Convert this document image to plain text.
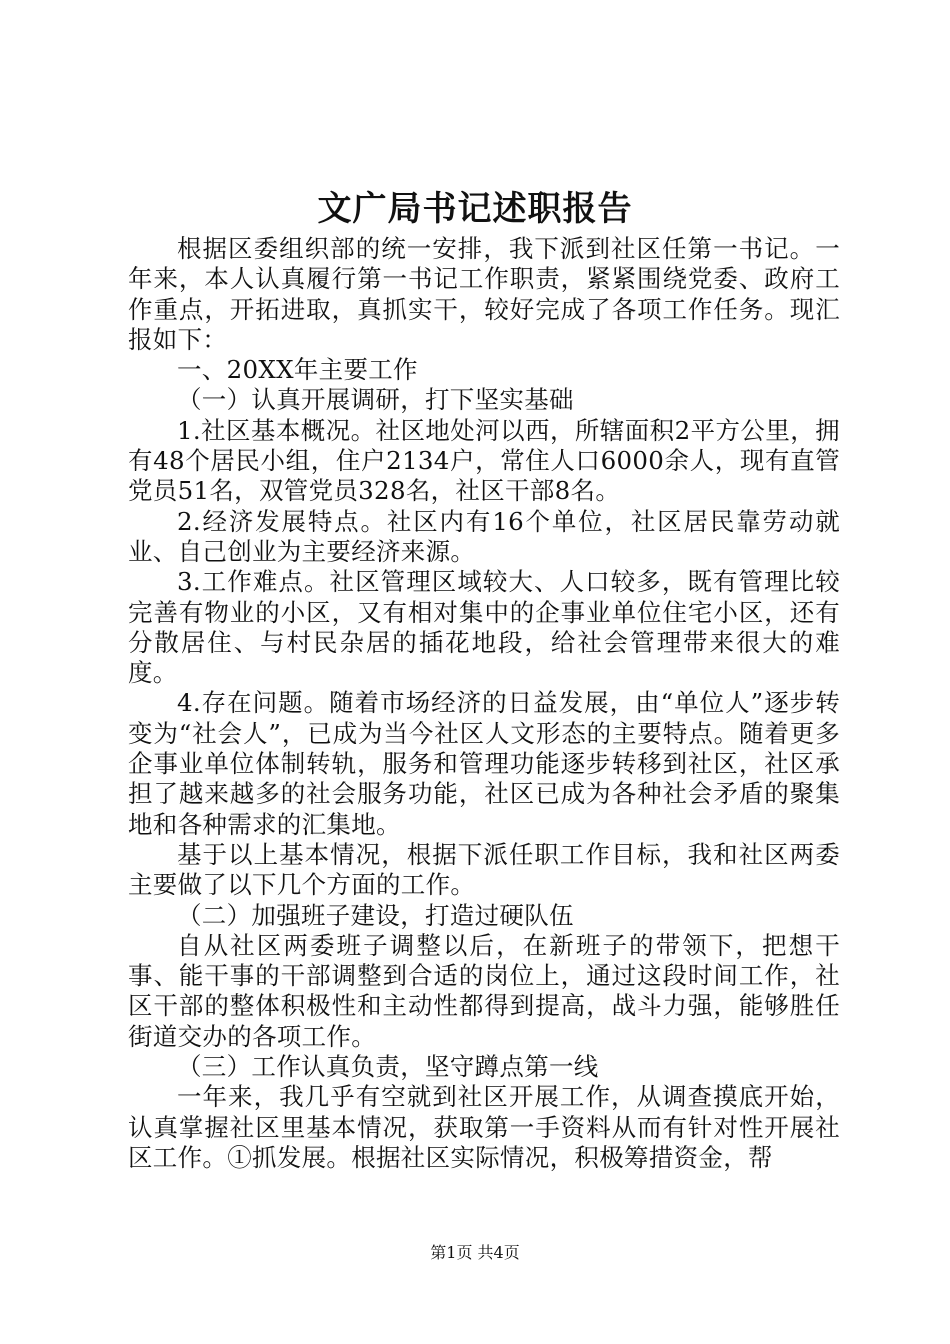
文广局书记述职报告

根据区委组织部的统一安排，我下派到社区任第一书记。一年来，本人认真履行第一书记工作职责，紧紧围绕党委、政府工作重点，开拓进取，真抓实干，较好完成了各项工作任务。现汇报如下：

一、20XX年主要工作

（一）认真开展调研，打下坚实基础

1.社区基本概况。社区地处河以西，所辖面积2平方公里，拥有48个居民小组，住户2134户，常住人口6000余人，现有直管党员51名，双管党员328名，社区干部8名。

2.经济发展特点。社区内有16个单位，社区居民靠劳动就业、自己创业为主要经济来源。

3.工作难点。社区管理区域较大、人口较多，既有管理比较完善有物业的小区，又有相对集中的企事业单位住宅小区，还有分散居住、与村民杂居的插花地段，给社会管理带来很大的难度。

4.存在问题。随着市场经济的日益发展，由“单位人”逐步转变为“社会人”，已成为当今社区人文形态的主要特点。随着更多企事业单位体制转轨，服务和管理功能逐步转移到社区，社区承担了越来越多的社会服务功能，社区已成为各种社会矛盾的聚集地和各种需求的汇集地。

基于以上基本情况，根据下派任职工作目标，我和社区两委主要做了以下几个方面的工作。

（二）加强班子建设，打造过硬队伍

自从社区两委班子调整以后，在新班子的带领下，把想干事、能干事的干部调整到合适的岗位上，通过这段时间工作，社区干部的整体积极性和主动性都得到提高，战斗力强，能够胜任街道交办的各项工作。

（三）工作认真负责，坚守蹲点第一线

一年来，我几乎有空就到社区开展工作，从调查摸底开始，认真掌握社区里基本情况，获取第一手资料从而有针对性开展社区工作。①抓发展。根据社区实际情况，积极筹措资金，帮

第1页 共4页
